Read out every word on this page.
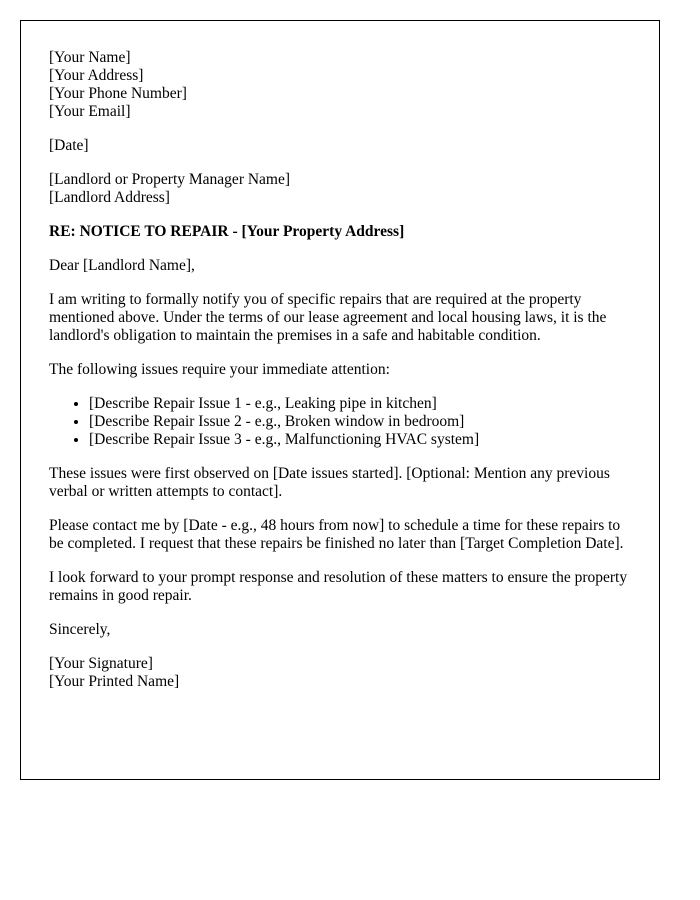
[Your Name]
[Your Address]
[Your Phone Number]
[Your Email]

[Date]

[Landlord or Property Manager Name]
[Landlord Address]

RE: NOTICE TO REPAIR - [Your Property Address]

Dear [Landlord Name],

I am writing to formally notify you of specific repairs that are required at the property mentioned above. Under the terms of our lease agreement and local housing laws, it is the landlord's obligation to maintain the premises in a safe and habitable condition.

The following issues require your immediate attention:

• [Describe Repair Issue 1 - e.g., Leaking pipe in kitchen]
• [Describe Repair Issue 2 - e.g., Broken window in bedroom]
• [Describe Repair Issue 3 - e.g., Malfunctioning HVAC system]

These issues were first observed on [Date issues started]. [Optional: Mention any previous verbal or written attempts to contact].

Please contact me by [Date - e.g., 48 hours from now] to schedule a time for these repairs to be completed. I request that these repairs be finished no later than [Target Completion Date].

I look forward to your prompt response and resolution of these matters to ensure the property remains in good repair.

Sincerely,

[Your Signature]
[Your Printed Name]
